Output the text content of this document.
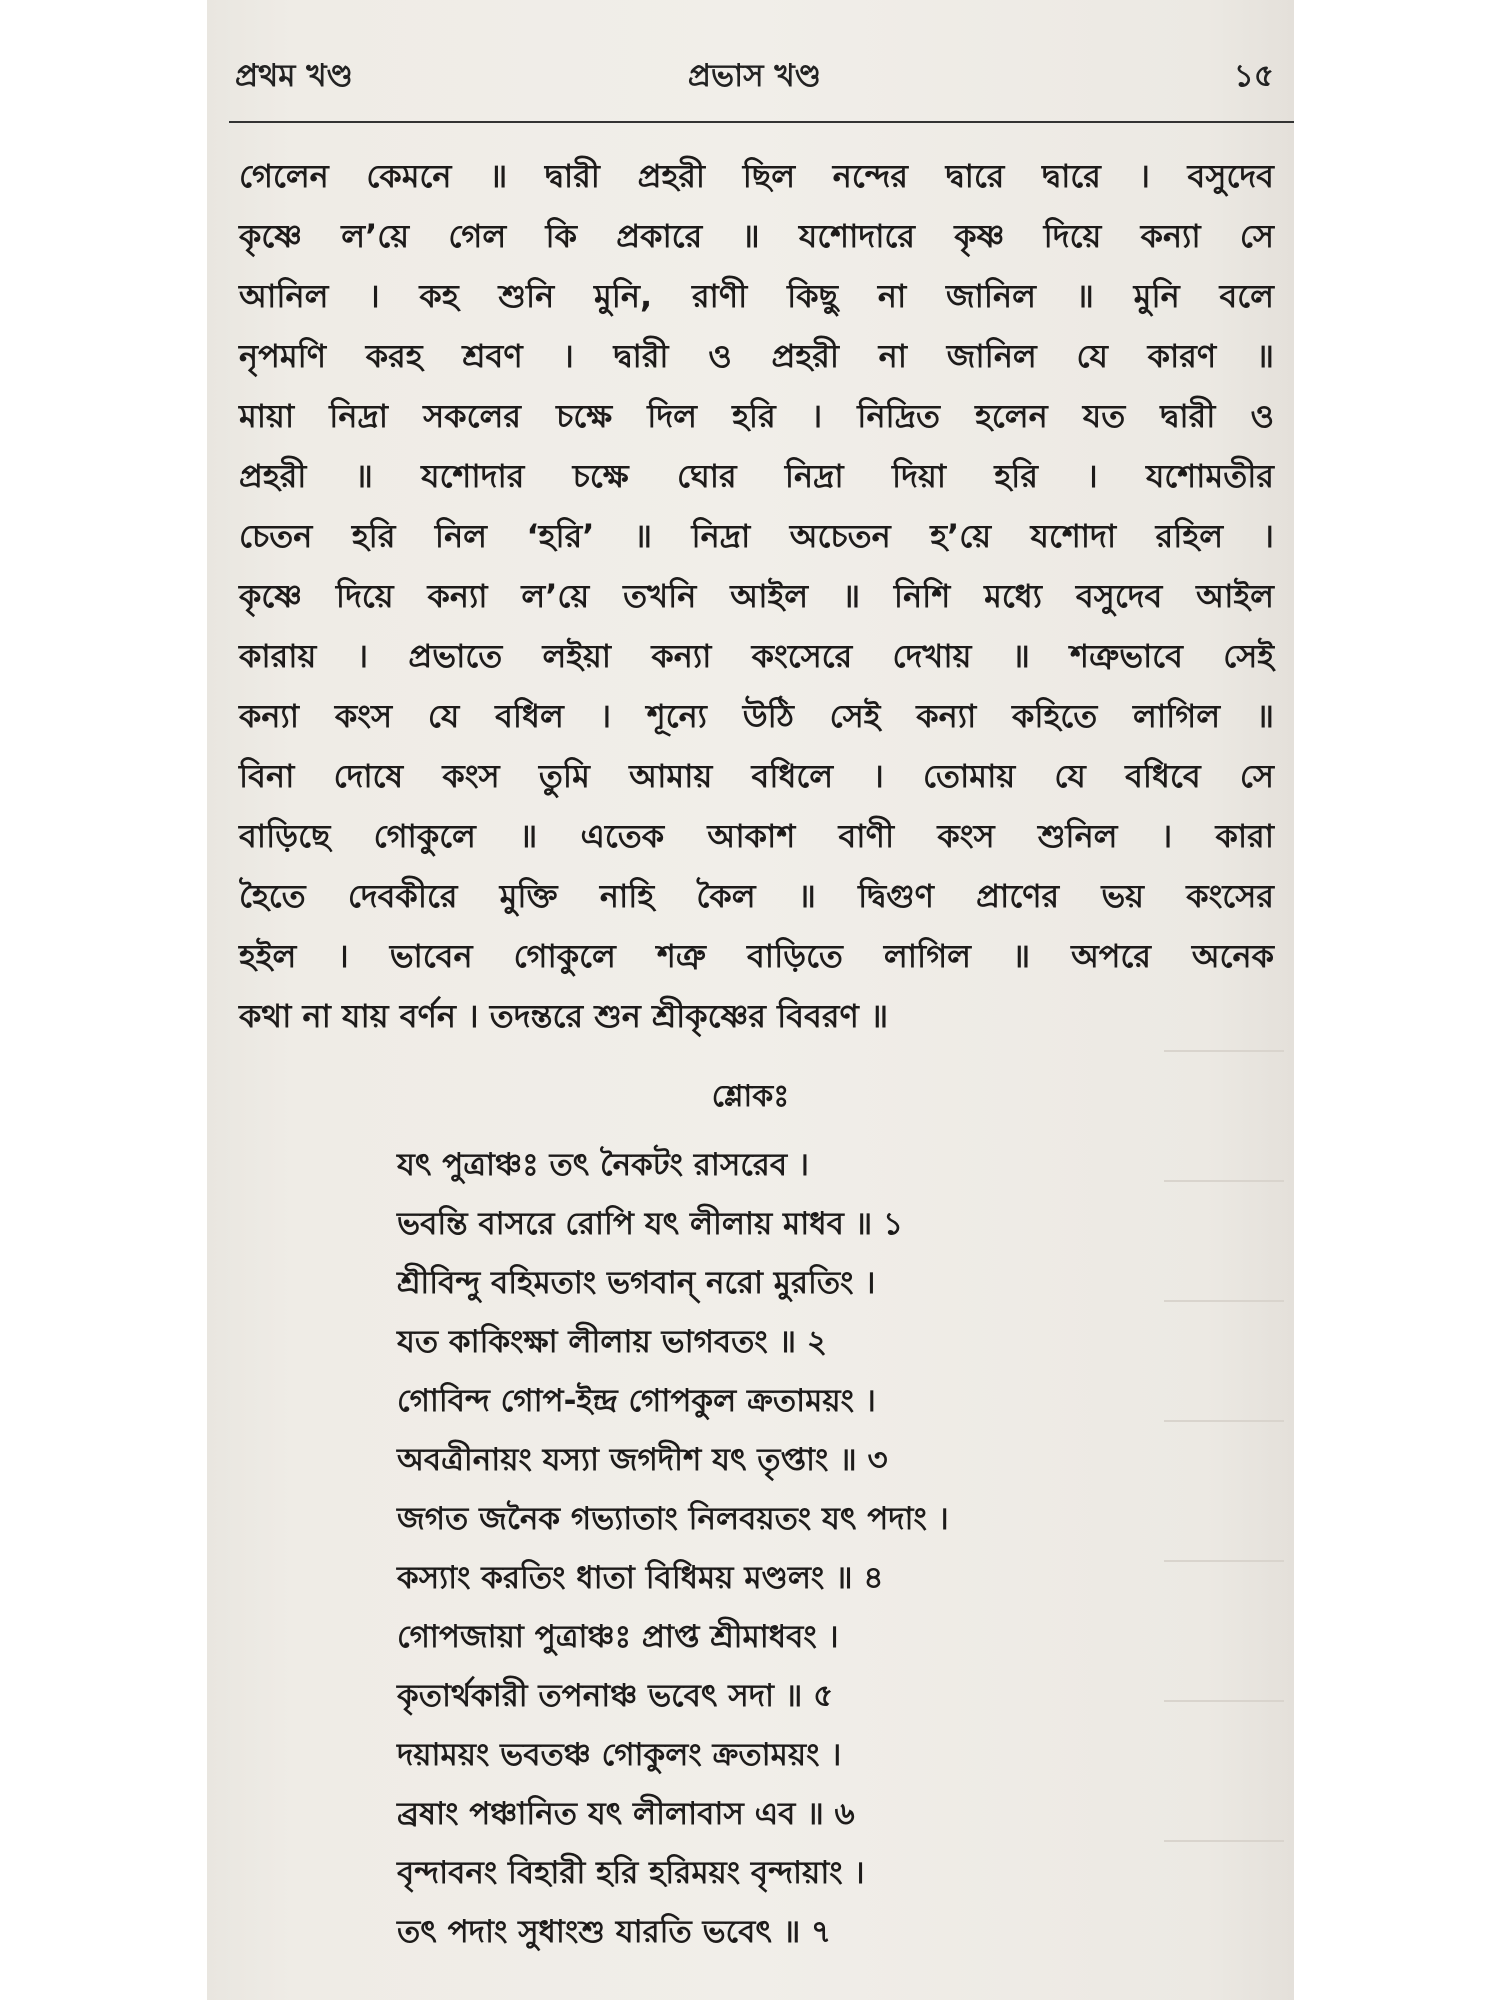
প্রথম খণ্ড	প্রভাস খণ্ড	১৫
গেলেন কেমনে ॥ দ্বারী প্রহরী ছিল নন্দের দ্বারে দ্বারে । বসুদেব
কৃষ্ণে ল’য়ে গেল কি প্রকারে ॥ যশোদারে কৃষ্ণ দিয়ে কন্যা সে
আনিল । কহ শুনি মুনি, রাণী কিছু না জানিল ॥ মুনি বলে
নৃপমণি করহ শ্রবণ । দ্বারী ও প্রহরী না জানিল যে কারণ ॥
মায়া নিদ্রা সকলের চক্ষে দিল হরি । নিদ্রিত হলেন যত দ্বারী ও
প্রহরী ॥ যশোদার চক্ষে ঘোর নিদ্রা দিয়া হরি । যশোমতীর
চেতন হরি নিল ‘হরি’ ॥ নিদ্রা অচেতন হ’য়ে যশোদা রহিল ।
কৃষ্ণে দিয়ে কন্যা ল’য়ে তখনি আইল ॥ নিশি মধ্যে বসুদেব আইল
কারায় । প্রভাতে লইয়া কন্যা কংসেরে দেখায় ॥ শত্রুভাবে সেই
কন্যা কংস যে বধিল । শূন্যে উঠি সেই কন্যা কহিতে লাগিল ॥
বিনা দোষে কংস তুমি আমায় বধিলে । তোমায় যে বধিবে সে
বাড়িছে গোকুলে ॥ এতেক আকাশ বাণী কংস শুনিল । কারা
হৈতে দেবকীরে মুক্তি নাহি কৈল ॥ দ্বিগুণ প্রাণের ভয় কংসের
হইল । ভাবেন গোকুলে শত্রু বাড়িতে লাগিল ॥ অপরে অনেক
কথা না যায় বর্ণন । তদন্তরে শুন শ্রীকৃষ্ণের বিবরণ ॥
শ্লোকঃ
যৎ পুত্রাঞ্চঃ তৎ নৈকটং রাসরেব ।
ভবন্তি বাসরে রোপি যৎ লীলায় মাধব ॥ ১
শ্রীবিন্দু বহিমতাং ভগবান্ নরো মুরতিং ।
যত কাকিংক্ষা লীলায় ভাগবতং ॥ ২
গোবিন্দ গোপ-ইন্দ্র গোপকুল ক্রতাময়ং ।
অবত্রীনায়ং যস্যা জগদীশ যৎ তৃপ্তাং ॥ ৩
জগত জনৈক গভ্যাতাং নিলবয়তং যৎ পদাং ।
কস্যাং করতিং ধাতা বিধিময় মণ্ডলং ॥ ৪
গোপজায়া পুত্রাঞ্চঃ প্রাপ্ত শ্রীমাধবং ।
কৃতার্থকারী তপনাঞ্চ ভবেৎ সদা ॥ ৫
দয়াময়ং ভবতঞ্চ গোকুলং ক্রতাময়ং ।
ব্রষাং পঞ্চানিত যৎ লীলাবাস এব ॥ ৬
বৃন্দাবনং বিহারী হরি হরিময়ং বৃন্দায়াং ।
তৎ পদাং সুধাংশু যারতি ভবেৎ ॥ ৭
